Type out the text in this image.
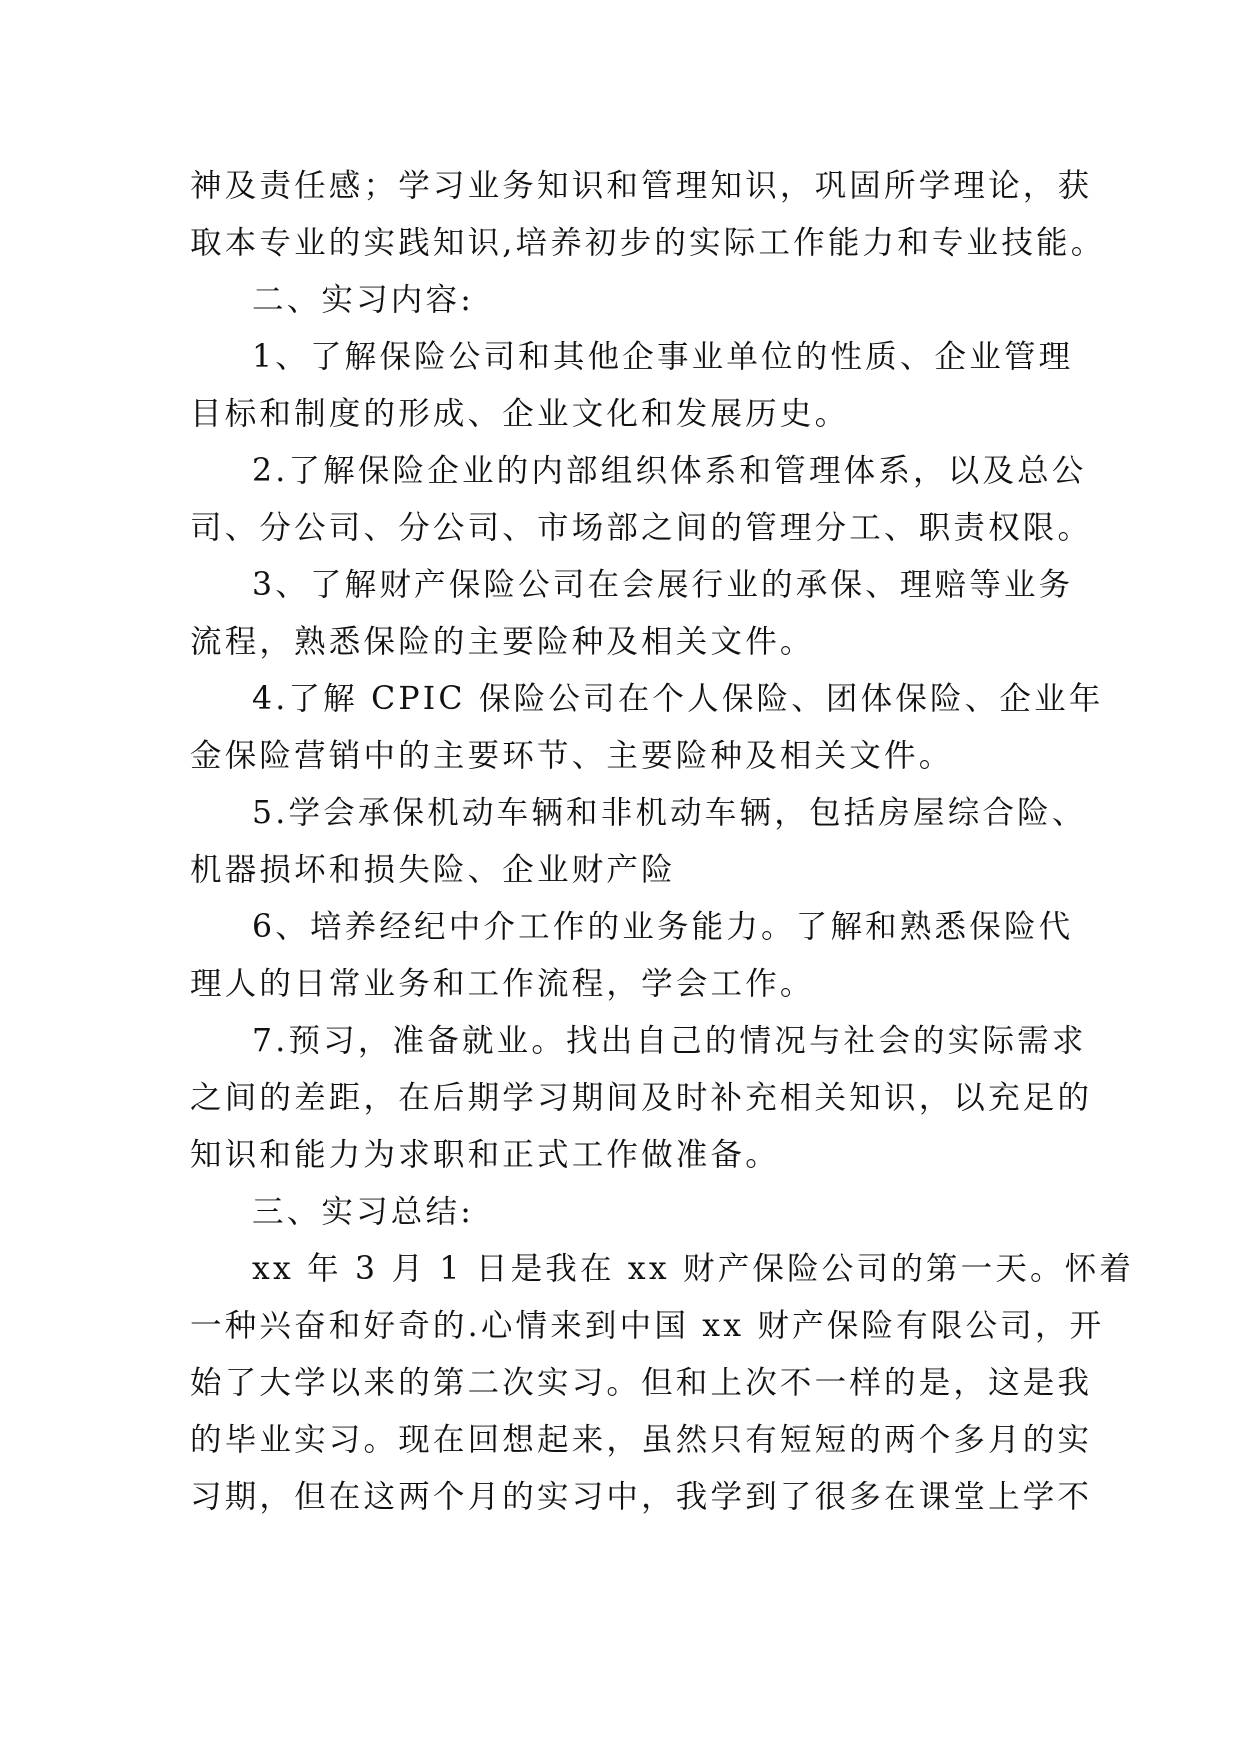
神及责任感；学习业务知识和管理知识，巩固所学理论，获
取本专业的实践知识,培养初步的实际工作能力和专业技能。
二、实习内容:
1、了解保险公司和其他企事业单位的性质、企业管理
目标和制度的形成、企业文化和发展历史。
2.了解保险企业的内部组织体系和管理体系，以及总公
司、分公司、分公司、市场部之间的管理分工、职责权限。
3、了解财产保险公司在会展行业的承保、理赔等业务
流程，熟悉保险的主要险种及相关文件。
4.了解 CPIC 保险公司在个人保险、团体保险、企业年
金保险营销中的主要环节、主要险种及相关文件。
5.学会承保机动车辆和非机动车辆，包括房屋综合险、
机器损坏和损失险、企业财产险
6、培养经纪中介工作的业务能力。了解和熟悉保险代
理人的日常业务和工作流程，学会工作。
7.预习，准备就业。找出自己的情况与社会的实际需求
之间的差距，在后期学习期间及时补充相关知识，以充足的
知识和能力为求职和正式工作做准备。
三、实习总结:
xx 年 3 月 1 日是我在 xx 财产保险公司的第一天。怀着
一种兴奋和好奇的.心情来到中国 xx 财产保险有限公司，开
始了大学以来的第二次实习。但和上次不一样的是，这是我
的毕业实习。现在回想起来，虽然只有短短的两个多月的实
习期，但在这两个月的实习中，我学到了很多在课堂上学不
